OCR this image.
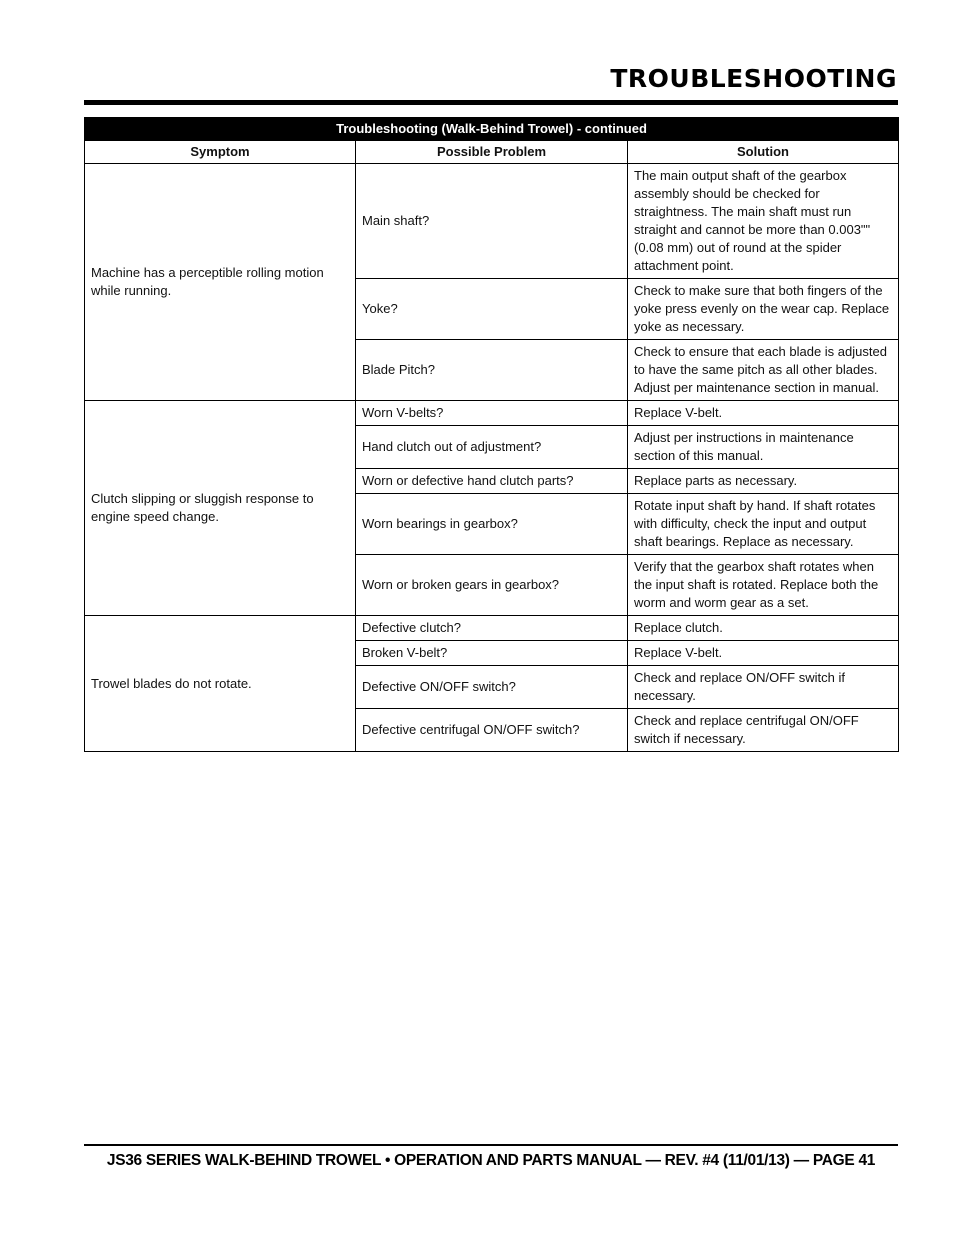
TROUBLESHOOTING
Troubleshooting (Walk-Behind Trowel) - continued		
Symptom	Possible Problem	Solution
Machine has a perceptible rolling motion while running.	Main shaft?	The main output shaft of the gearbox assembly should be checked for straightness. The main shaft must run straight and cannot be more than 0.003"" (0.08 mm) out of round at the spider attachment point.
	Yoke?	Check to make sure that both fingers of the yoke press evenly on the wear cap. Replace yoke as necessary.
	Blade Pitch?	Check to ensure that each blade is adjusted to have the same pitch as all other blades. Adjust per maintenance section in manual.
Clutch slipping or sluggish response to engine speed change.	Worn V-belts?	Replace V-belt.
	Hand clutch out of adjustment?	Adjust per instructions in maintenance section of this manual.
	Worn or defective hand clutch parts?	Replace parts as necessary.
	Worn bearings in gearbox?	Rotate input shaft by hand. If shaft rotates with difficulty, check the input and output shaft bearings. Replace as necessary.
	Worn or broken gears in gearbox?	Verify that the gearbox shaft rotates when the input shaft is rotated. Replace both the worm and worm gear as a set.
Trowel blades do not rotate.	Defective clutch?	Replace clutch.
	Broken V-belt?	Replace V-belt.
	Defective ON/OFF switch?	Check and replace ON/OFF switch if necessary.
	Defective centrifugal ON/OFF switch?	Check and replace centrifugal ON/OFF switch if necessary.
JS36 SERIES WALK-BEHIND TROWEL • OPERATION AND PARTS MANUAL — REV. #4 (11/01/13) — PAGE 41
